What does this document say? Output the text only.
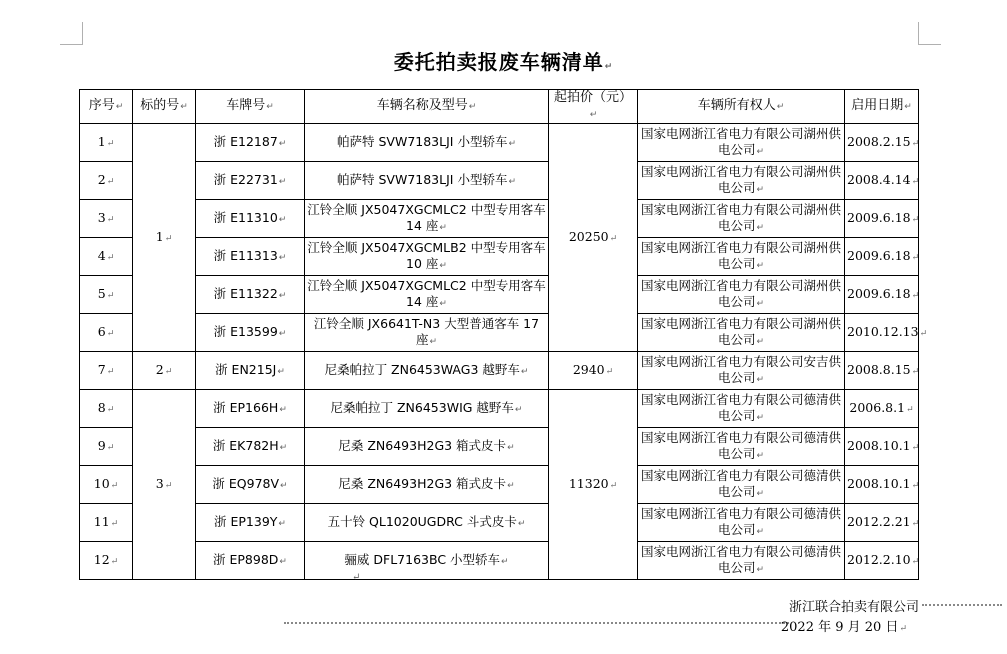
委托拍卖报废车辆清单↵
序号↵	标的号↵	车牌号↵	车辆名称及型号↵	起拍价（元）↵	车辆所有权人↵	启用日期↵
1↵	1↵	浙 E12187↵	帕萨特 SVW7183LJI 小型轿车↵	20250↵	国家电网浙江省电力有限公司湖州供电公司↵	2008.2.15↵
2↵		浙 E22731↵	帕萨特 SVW7183LJI 小型轿车↵		国家电网浙江省电力有限公司湖州供电公司↵	2008.4.14↵
3↵		浙 E11310↵	江铃全顺 JX5047XGCMLC2 中型专用客车 14 座↵		国家电网浙江省电力有限公司湖州供电公司↵	2009.6.18↵
4↵		浙 E11313↵	江铃全顺 JX5047XGCMLB2 中型专用客车 10 座↵		国家电网浙江省电力有限公司湖州供电公司↵	2009.6.18↵
5↵		浙 E11322↵	江铃全顺 JX5047XGCMLC2 中型专用客车 14 座↵		国家电网浙江省电力有限公司湖州供电公司↵	2009.6.18↵
6↵		浙 E13599↵	江铃全顺 JX6641T-N3 大型普通客车 17 座↵		国家电网浙江省电力有限公司湖州供电公司↵	2010.12.13↵
7↵	2↵	浙 EN215J↵	尼桑帕拉丁 ZN6453WAG3 越野车↵	2940↵	国家电网浙江省电力有限公司安吉供电公司↵	2008.8.15↵
8↵	3↵	浙 EP166H↵	尼桑帕拉丁 ZN6453WIG 越野车↵	11320↵	国家电网浙江省电力有限公司德清供电公司↵	2006.8.1↵
9↵		浙 EK782H↵	尼桑 ZN6493H2G3 箱式皮卡↵		国家电网浙江省电力有限公司德清供电公司↵	2008.10.1↵
10↵		浙 EQ978V↵	尼桑 ZN6493H2G3 箱式皮卡↵		国家电网浙江省电力有限公司德清供电公司↵	2008.10.1↵
11↵		浙 EP139Y↵	五十铃 QL1020UGDRC 斗式皮卡↵		国家电网浙江省电力有限公司德清供电公司↵	2012.2.21↵
12↵		浙 EP898D↵	骊威 DFL7163BC 小型轿车↵		国家电网浙江省电力有限公司德清供电公司↵	2012.2.10↵
↵
浙江联合拍卖有限公司
2022 年 9 月 20 日↵
